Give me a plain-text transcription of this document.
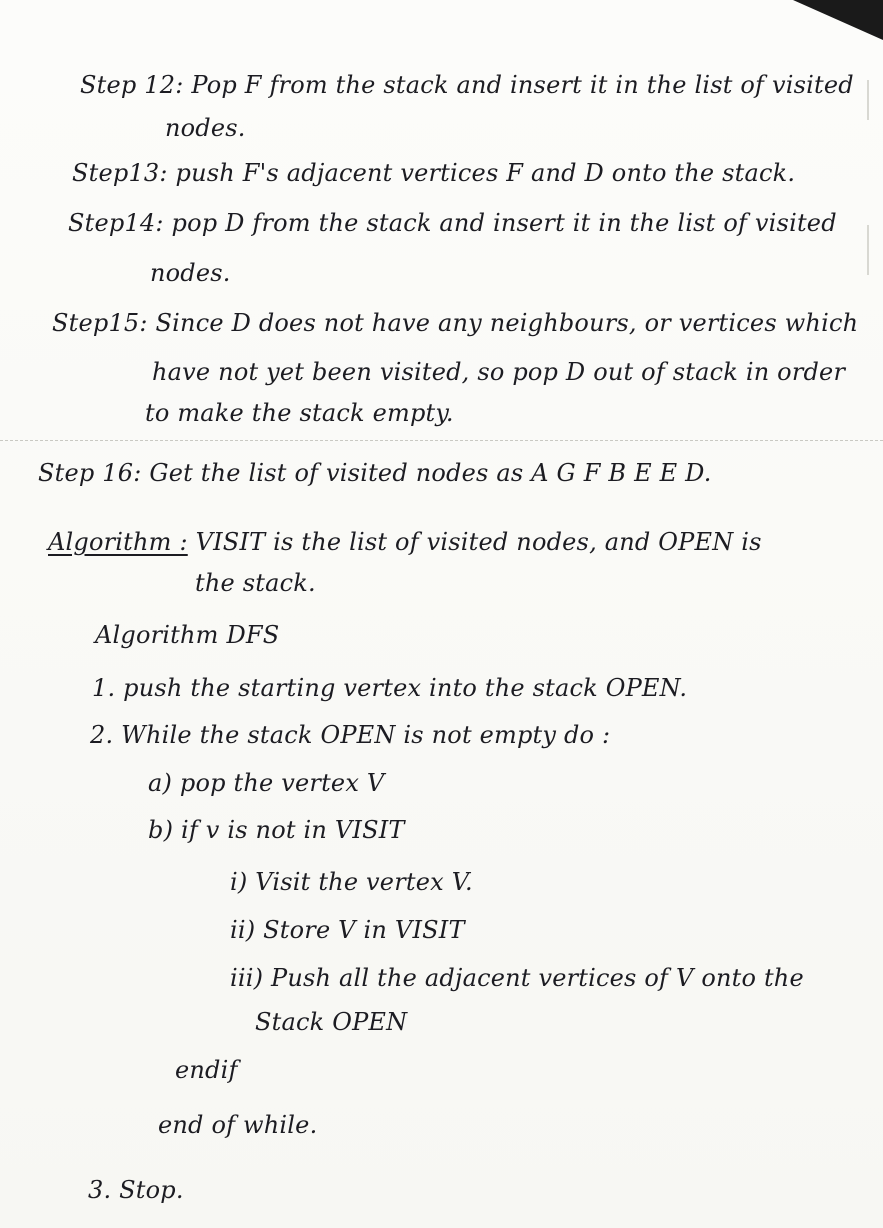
Step 12: Pop F from the stack and insert it in the list of visited
nodes.
Step13: push F's adjacent vertices F and D onto the stack.
Step14: pop D from the stack and insert it in the list of visited
nodes.
Step15: Since D does not have any neighbours, or vertices which
have not yet been visited, so pop D out of stack in order
to make the stack empty.
Step 16: Get the list of visited nodes as A G F B E E D.
Algorithm : VISIT is the list of visited nodes, and OPEN is
the stack.
Algorithm DFS
1. push the starting vertex into the stack OPEN.
2. While the stack OPEN is not empty do :
a) pop the vertex V
b) if v is not in VISIT
i) Visit the vertex V.
ii) Store V in VISIT
iii) Push all the adjacent vertices of V onto the
Stack OPEN
endif
end of while.
3. Stop.
